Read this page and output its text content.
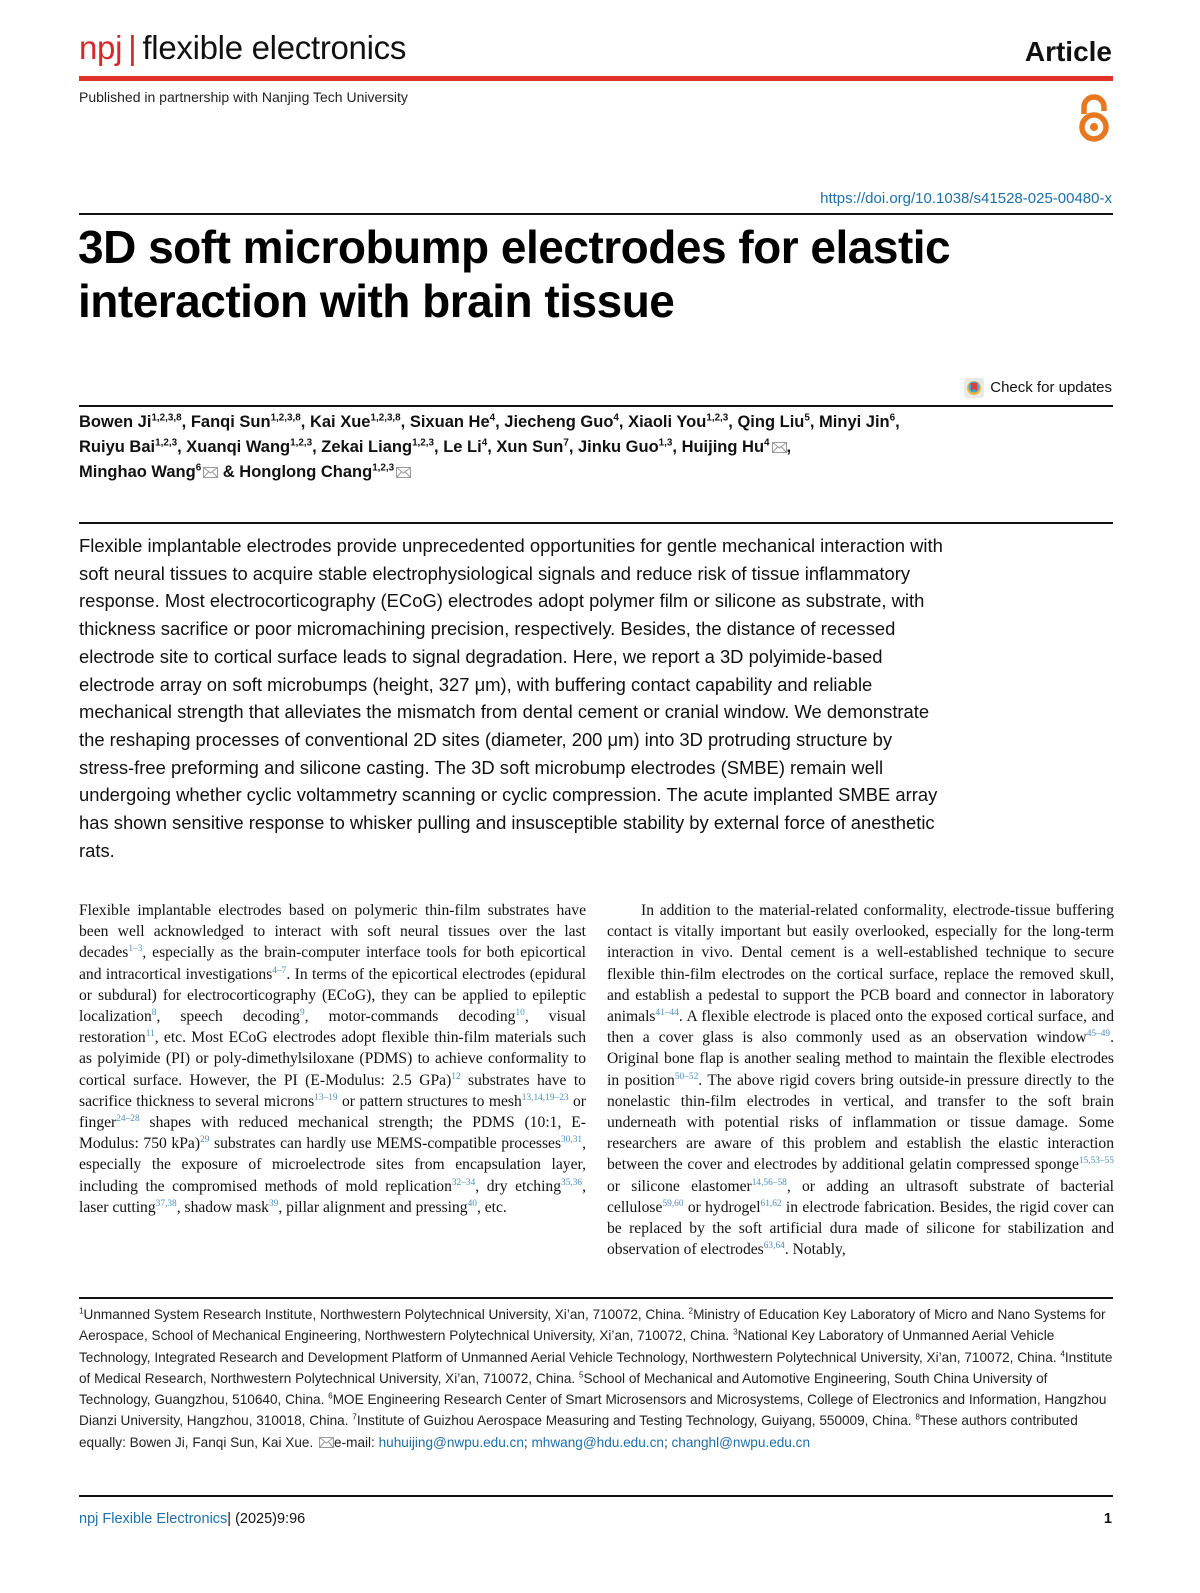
npj | flexible electronics	Article
Published in partnership with Nanjing Tech University
https://doi.org/10.1038/s41528-025-00480-x
3D soft microbump electrodes for elastic interaction with brain tissue
Check for updates
Bowen Ji$^{1,2,3,8}$, Fanqi Sun$^{1,2,3,8}$, Kai Xue$^{1,2,3,8}$, Sixuan He$^4$, Jiecheng Guo$^4$, Xiaoli You$^{1,2,3}$, Qing Liu$^5$, Minyi Jin$^6$,
Ruiyu Bai$^{1,2,3}$, Xuanqi Wang$^{1,2,3}$, Zekai Liang$^{1,2,3}$, Le Li$^4$, Xun Sun$^7$, Jinku Guo$^{1,3}$, Huijing Hu$^4$ ,
Minghao Wang$^6$ & Honglong Chang$^{1,2,3}$

Flexible implantable electrodes provide unprecedented opportunities for gentle mechanical interaction with soft neural tissues to acquire stable electrophysiological signals and reduce risk of tissue inflammatory response. Most electrocorticography (ECoG) electrodes adopt polymer film or silicone as substrate, with thickness sacrifice or poor micromachining precision, respectively. Besides, the distance of recessed electrode site to cortical surface leads to signal degradation. Here, we report a 3D polyimide-based electrode array on soft microbumps (height, 327 μm), with buffering contact capability and reliable mechanical strength that alleviates the mismatch from dental cement or cranial window. We demonstrate the reshaping processes of conventional 2D sites (diameter, 200 μm) into 3D protruding structure by stress-free preforming and silicone casting. The 3D soft microbump electrodes (SMBE) remain well undergoing whether cyclic voltammetry scanning or cyclic compression. The acute implanted SMBE array has shown sensitive response to whisker pulling and insusceptible stability by external force of anesthetic rats.

Flexible implantable electrodes based on polymeric thin-film substrates have been well acknowledged to interact with soft neural tissues over the last decades$^{1-3}$, especially as the brain-computer interface tools for both epicortical and intracortical investigations$^{4-7}$. In terms of the epicortical electrodes (epidural or subdural) for electrocorticography (ECoG), they can be applied to epileptic localization$^8$, speech decoding$^9$, motor-commands decoding$^{10}$, visual restoration$^{11}$, etc. Most ECoG electrodes adopt flexible thin-film materials such as polyimide (PI) or poly-dimethylsiloxane (PDMS) to achieve conformality to cortical surface. However, the PI (E-Modulus: 2.5 GPa)$^{12}$ substrates have to sacrifice thickness to several microns$^{13-19}$ or pattern structures to mesh$^{13,14,19-23}$ or finger$^{24-28}$ shapes with reduced mechanical strength; the PDMS (10:1, E-Modulus: 750 kPa)$^{29}$ substrates can hardly use MEMS-compatible processes$^{30,31}$, especially the exposure of microelectrode sites from encapsulation layer, including the compromised methods of mold replication$^{32-34}$, dry etching$^{35,36}$, laser cutting$^{37,38}$, shadow mask$^{39}$, pillar alignment and pressing$^{40}$, etc.

In addition to the material-related conformality, electrode-tissue buffering contact is vitally important but easily overlooked, especially for the long-term interaction in vivo. Dental cement is a well-established technique to secure flexible thin-film electrodes on the cortical surface, replace the removed skull, and establish a pedestal to support the PCB board and connector in laboratory animals$^{41-44}$. A flexible electrode is placed onto the exposed cortical surface, and then a cover glass is also commonly used as an observation window$^{45-49}$. Original bone flap is another sealing method to maintain the flexible electrodes in position$^{50-52}$. The above rigid covers bring outside-in pressure directly to the nonelastic thin-film electrodes in vertical, and transfer to the soft brain underneath with potential risks of inflammation or tissue damage. Some researchers are aware of this problem and establish the elastic interaction between the cover and electrodes by additional gelatin compressed sponge$^{15,53-55}$ or silicone elastomer$^{14,56-58}$, or adding an ultrasoft substrate of bacterial cellulose$^{59,60}$ or hydrogel$^{61,62}$ in electrode fabrication. Besides, the rigid cover can be replaced by the soft artificial dura made of silicone for stabilization and observation of electrodes$^{63,64}$. Notably,

$^1$Unmanned System Research Institute, Northwestern Polytechnical University, Xi’an, 710072, China. $^2$Ministry of Education Key Laboratory of Micro and Nano Systems for Aerospace, School of Mechanical Engineering, Northwestern Polytechnical University, Xi’an, 710072, China. $^3$National Key Laboratory of Unmanned Aerial Vehicle Technology, Integrated Research and Development Platform of Unmanned Aerial Vehicle Technology, Northwestern Polytechnical University, Xi’an, 710072, China. $^4$Institute of Medical Research, Northwestern Polytechnical University, Xi’an, 710072, China. $^5$School of Mechanical and Automotive Engineering, South China University of Technology, Guangzhou, 510640, China. $^6$MOE Engineering Research Center of Smart Microsensors and Microsystems, College of Electronics and Information, Hangzhou Dianzi University, Hangzhou, 310018, China. $^7$Institute of Guizhou Aerospace Measuring and Testing Technology, Guiyang, 550009, China. $^8$These authors contributed equally: Bowen Ji, Fanqi Sun, Kai Xue. e-mail: huhuijing@nwpu.edu.cn; mhwang@hdu.edu.cn; changhl@nwpu.edu.cn

npj Flexible Electronics| (2025)9:96	1
